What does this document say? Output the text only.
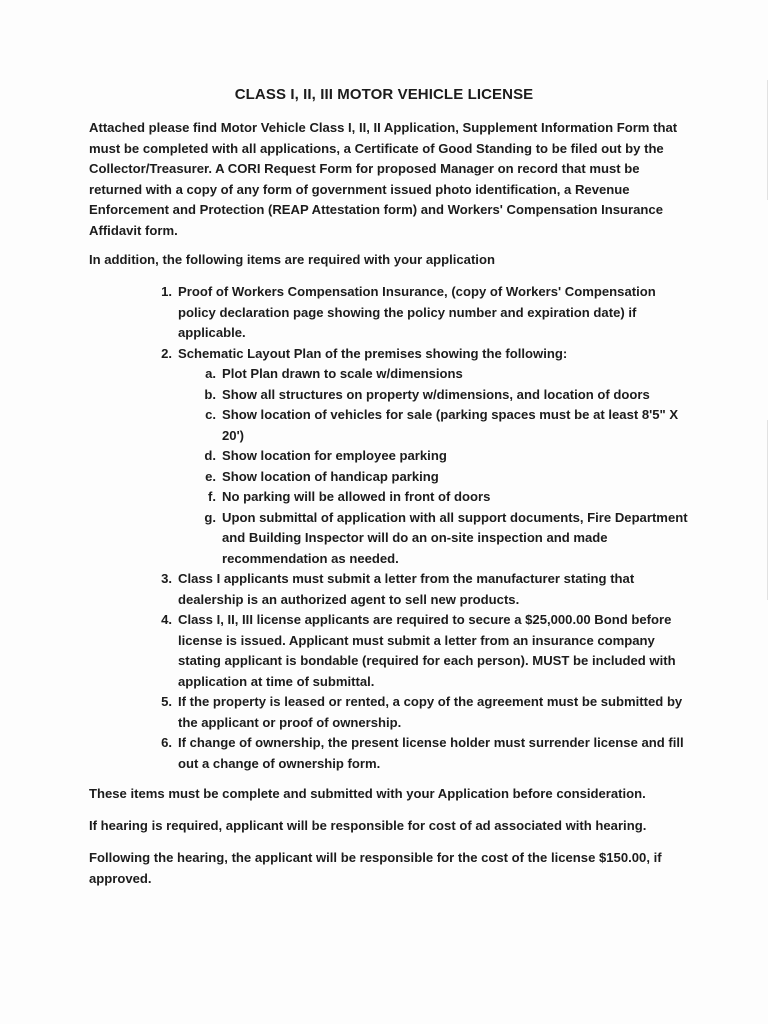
CLASS I, II, III MOTOR VEHICLE LICENSE
Attached please find Motor Vehicle Class I, II, II Application, Supplement Information Form that must be completed with all applications, a Certificate of Good Standing to be filed out by the Collector/Treasurer. A CORI Request Form for proposed Manager on record that must be returned with a copy of any form of government issued photo identification, a Revenue Enforcement and Protection (REAP Attestation form) and Workers' Compensation Insurance Affidavit form.
In addition, the following items are required with your application
1. Proof of Workers Compensation Insurance, (copy of Workers' Compensation policy declaration page showing the policy number and expiration date) if applicable.
2. Schematic Layout Plan of the premises showing the following:
a. Plot Plan drawn to scale w/dimensions
b. Show all structures on property w/dimensions, and location of doors
c. Show location of vehicles for sale (parking spaces must be at least 8'5" X 20')
d. Show location for employee parking
e. Show location of handicap parking
f. No parking will be allowed in front of doors
g. Upon submittal of application with all support documents, Fire Department and Building Inspector will do an on-site inspection and made recommendation as needed.
3. Class I applicants must submit a letter from the manufacturer stating that dealership is an authorized agent to sell new products.
4. Class I, II, III license applicants are required to secure a $25,000.00 Bond before license is issued. Applicant must submit a letter from an insurance company stating applicant is bondable (required for each person). MUST be included with application at time of submittal.
5. If the property is leased or rented, a copy of the agreement must be submitted by the applicant or proof of ownership.
6. If change of ownership, the present license holder must surrender license and fill out a change of ownership form.
These items must be complete and submitted with your Application before consideration.
If hearing is required, applicant will be responsible for cost of ad associated with hearing.
Following the hearing, the applicant will be responsible for the cost of the license $150.00, if approved.
